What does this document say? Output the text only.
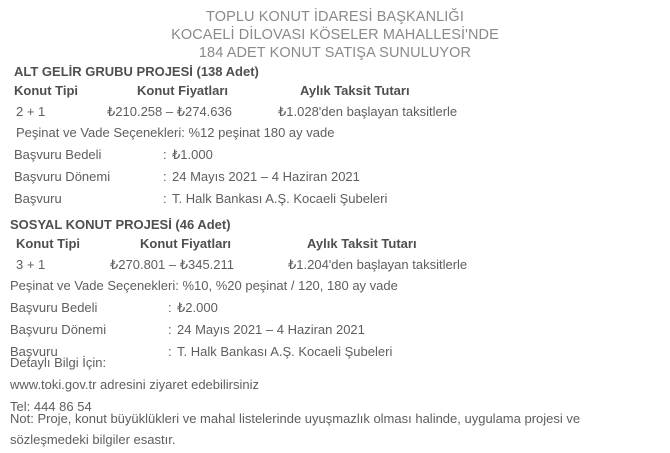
TOPLU KONUT İDARESİ BAŞKANLIĞI
KOCAELİ DİLOVASI KÖSELER MAHALLESİ'NDE
184 ADET KONUT SATIŞA SUNULUYOR
ALT GELİR GRUBU PROJESİ (138 Adet)
Konut Tipi	Konut Fiyatları	Aylık Taksit Tutarı
2 + 1	₺210.258 – ₺274.636	₺1.028'den başlayan taksitlerle
Peşinat ve Vade Seçenekleri: %12 peşinat 180 ay vade
Başvuru Bedeli	: ₺1.000
Başvuru Dönemi	: 24 Mayıs 2021 – 4 Haziran 2021
Başvuru	: T. Halk Bankası A.Ş. Kocaeli Şubeleri
SOSYAL KONUT PROJESİ (46 Adet)
Konut Tipi	Konut Fiyatları	Aylık Taksit Tutarı
3 + 1	₺270.801 – ₺345.211	₺1.204'den başlayan taksitlerle
Peşinat ve Vade Seçenekleri: %10, %20 peşinat / 120, 180 ay vade
Başvuru Bedeli	: ₺2.000
Başvuru Dönemi	: 24 Mayıs 2021 – 4 Haziran 2021
Başvuru	: T. Halk Bankası A.Ş. Kocaeli Şubeleri
Detaylı Bilgi İçin:
www.toki.gov.tr adresini ziyaret edebilirsiniz
Tel: 444 86 54
Not: Proje, konut büyüklükleri ve mahal listelerinde uyuşmazlık olması halinde, uygulama projesi ve sözleşmedeki bilgiler esastır.
